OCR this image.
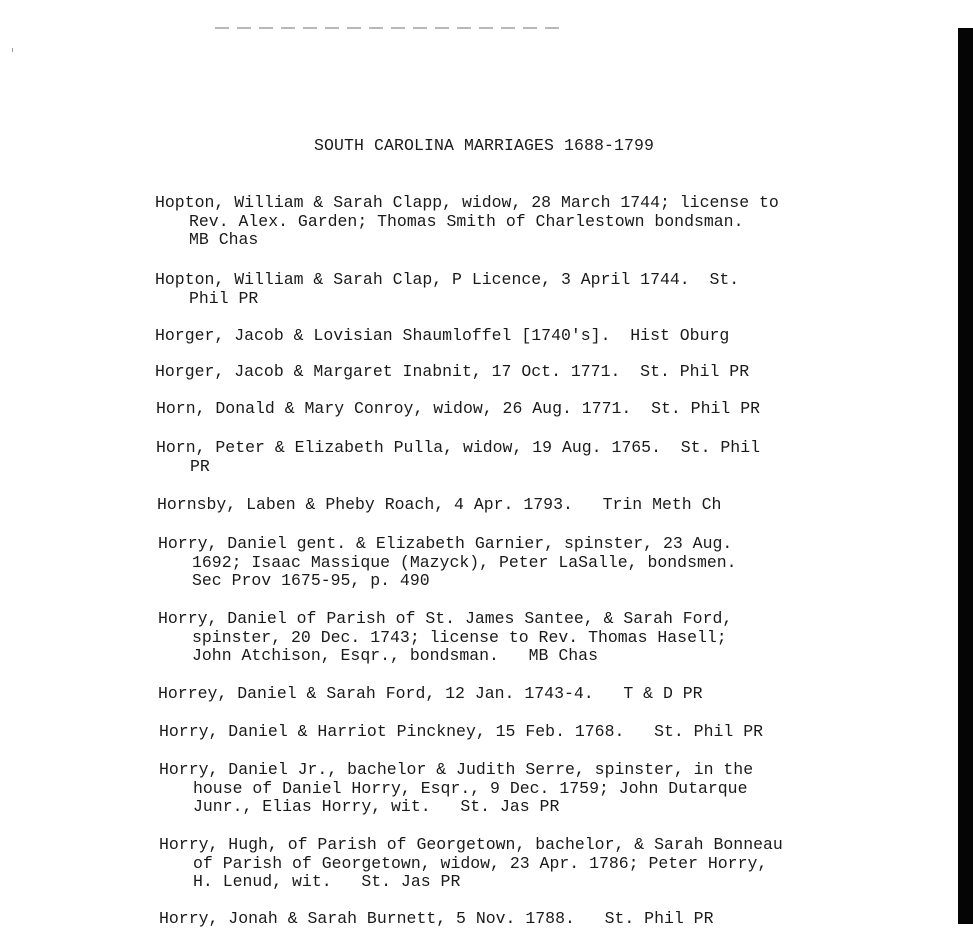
SOUTH CAROLINA MARRIAGES 1688-1799
Hopton, William & Sarah Clapp, widow, 28 March 1744; license to
Rev. Alex. Garden; Thomas Smith of Charlestown bondsman.
MB Chas
Hopton, William & Sarah Clap, P Licence, 3 April 1744.  St.
Phil PR
Horger, Jacob & Lovisian Shaumloffel [1740's].  Hist Oburg
Horger, Jacob & Margaret Inabnit, 17 Oct. 1771.  St. Phil PR
Horn, Donald & Mary Conroy, widow, 26 Aug. 1771.  St. Phil PR
Horn, Peter & Elizabeth Pulla, widow, 19 Aug. 1765.  St. Phil
PR
Hornsby, Laben & Pheby Roach, 4 Apr. 1793.   Trin Meth Ch
Horry, Daniel gent. & Elizabeth Garnier, spinster, 23 Aug.
1692; Isaac Massique (Mazyck), Peter LaSalle, bondsmen.
Sec Prov 1675-95, p. 490
Horry, Daniel of Parish of St. James Santee, & Sarah Ford,
spinster, 20 Dec. 1743; license to Rev. Thomas Hasell;
John Atchison, Esqr., bondsman.   MB Chas
Horrey, Daniel & Sarah Ford, 12 Jan. 1743-4.   T & D PR
Horry, Daniel & Harriot Pinckney, 15 Feb. 1768.   St. Phil PR
Horry, Daniel Jr., bachelor & Judith Serre, spinster, in the
house of Daniel Horry, Esqr., 9 Dec. 1759; John Dutarque
Junr., Elias Horry, wit.   St. Jas PR
Horry, Hugh, of Parish of Georgetown, bachelor, & Sarah Bonneau
of Parish of Georgetown, widow, 23 Apr. 1786; Peter Horry,
H. Lenud, wit.   St. Jas PR
Horry, Jonah & Sarah Burnett, 5 Nov. 1788.   St. Phil PR
